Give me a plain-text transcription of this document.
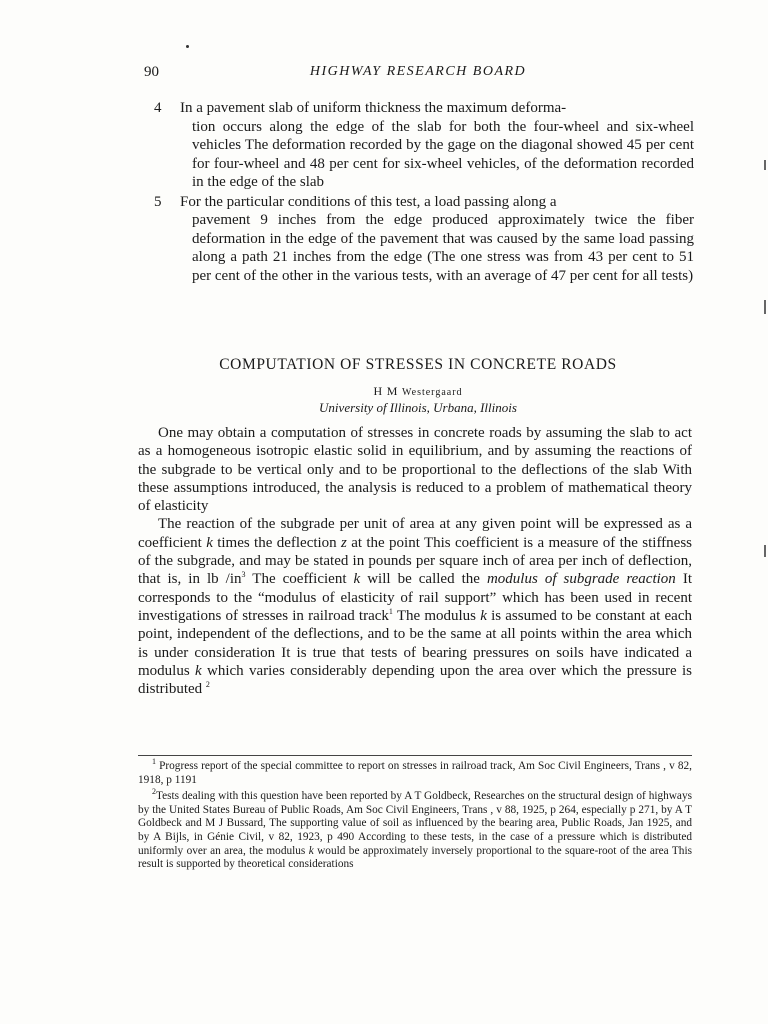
90	HIGHWAY RESEARCH BOARD
4 In a pavement slab of uniform thickness the maximum deforma-
tion occurs along the edge of the slab for both the four-wheel and six-wheel vehicles The deformation recorded by the gage on the diagonal showed 45 per cent for four-wheel and 48 per cent for six-wheel vehicles, of the deformation recorded in the edge of the slab
5 For the particular conditions of this test, a load passing along a
pavement 9 inches from the edge produced approximately twice the fiber deformation in the edge of the pavement that was caused by the same load passing along a path 21 inches from the edge (The one stress was from 43 per cent to 51 per cent of the other in the various tests, with an average of 47 per cent for all tests)
COMPUTATION OF STRESSES IN CONCRETE ROADS
H M Westergaard
University of Illinois, Urbana, Illinois

One may obtain a computation of stresses in concrete roads by assuming the slab to act as a homogeneous isotropic elastic solid in equilibrium, and by assuming the reactions of the subgrade to be vertical only and to be proportional to the deflections of the slab With these assumptions introduced, the analysis is reduced to a problem of mathematical theory of elasticity

The reaction of the subgrade per unit of area at any given point will be expressed as a coefficient k times the deflection z at the point This coefficient is a measure of the stiffness of the subgrade, and may be stated in pounds per square inch of area per inch of deflection, that is, in lb $/in^3$ The coefficient k will be called the modulus of subgrade reaction It corresponds to the “modulus of elasticity of rail support” which has been used in recent investigations of stresses in railroad track$^1$ The modulus k is assumed to be constant at each point, independent of the deflections, and to be the same at all points within the area which is under consideration It is true that tests of bearing pressures on soils have indicated a modulus k which varies considerably depending upon the area over which the pressure is distributed $^2$

$^1$ Progress report of the special committee to report on stresses in railroad track, Am Soc Civil Engineers, Trans , v 82, 1918, p 1191

$^2$Tests dealing with this question have been reported by A T Goldbeck, Researches on the structural design of highways by the United States Bureau of Public Roads, Am Soc Civil Engineers, Trans , v 88, 1925, p 264, especially p 271, by A T Goldbeck and M J Bussard, The supporting value of soil as influenced by the bearing area, Public Roads, Jan 1925, and by A Bijls, in Génie Civil, v 82, 1923, p 490 According to these tests, in the case of a pressure which is distributed uniformly over an area, the modulus k would be approximately inversely proportional to the square-root of the area This result is supported by theoretical considerations
